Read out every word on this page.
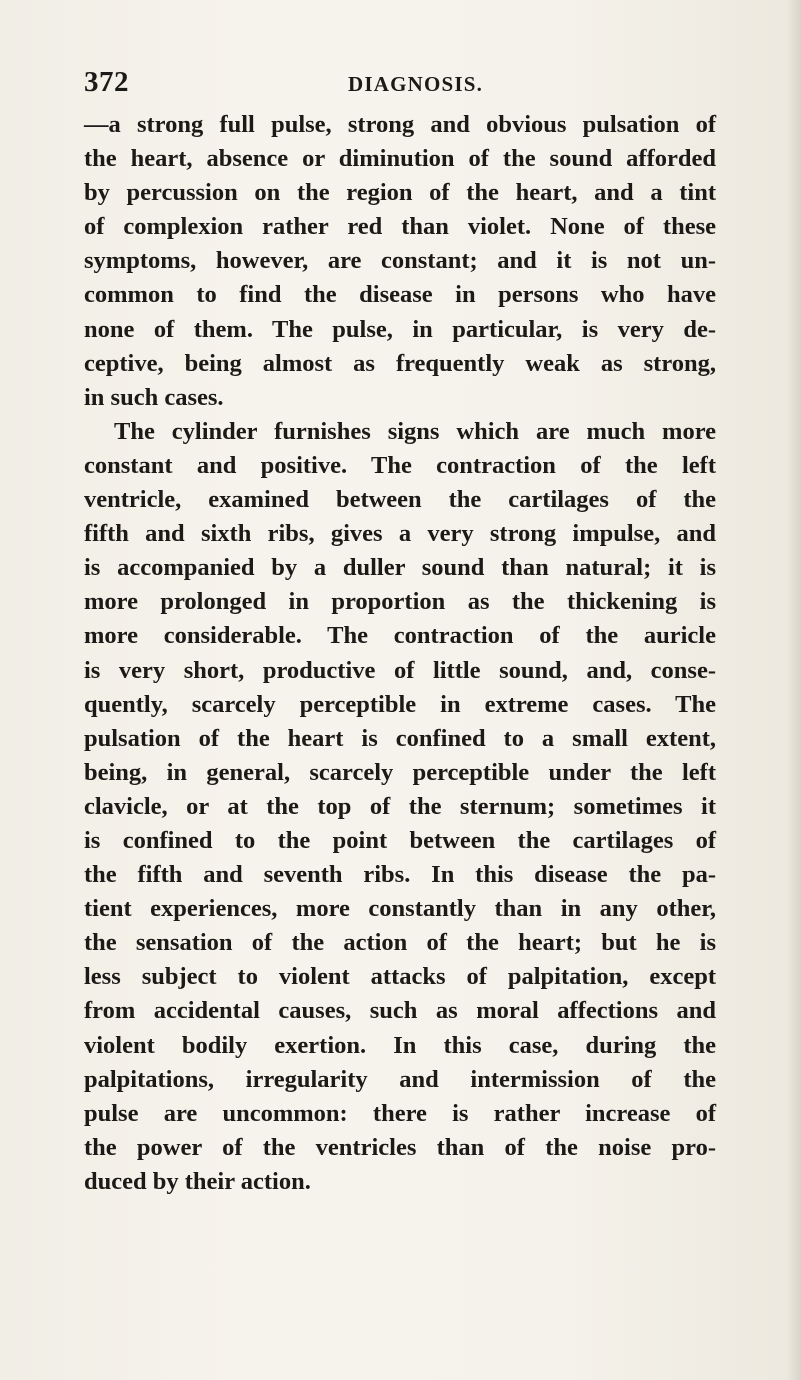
372	DIAGNOSIS.
—a strong full pulse, strong and obvious pulsation of
the heart, absence or diminution of the sound afforded
by percussion on the region of the heart, and a tint
of complexion rather red than violet. None of these
symptoms, however, are constant; and it is not un-
common to find the disease in persons who have
none of them. The pulse, in particular, is very de-
ceptive, being almost as frequently weak as strong,
in such cases.
The cylinder furnishes signs which are much more
constant and positive. The contraction of the left
ventricle, examined between the cartilages of the
fifth and sixth ribs, gives a very strong impulse, and
is accompanied by a duller sound than natural; it is
more prolonged in proportion as the thickening is
more considerable. The contraction of the auricle
is very short, productive of little sound, and, conse-
quently, scarcely perceptible in extreme cases. The
pulsation of the heart is confined to a small extent,
being, in general, scarcely perceptible under the left
clavicle, or at the top of the sternum; sometimes it
is confined to the point between the cartilages of
the fifth and seventh ribs. In this disease the pa-
tient experiences, more constantly than in any other,
the sensation of the action of the heart; but he is
less subject to violent attacks of palpitation, except
from accidental causes, such as moral affections and
violent bodily exertion. In this case, during the
palpitations, irregularity and intermission of the
pulse are uncommon: there is rather increase of
the power of the ventricles than of the noise pro-
duced by their action.
